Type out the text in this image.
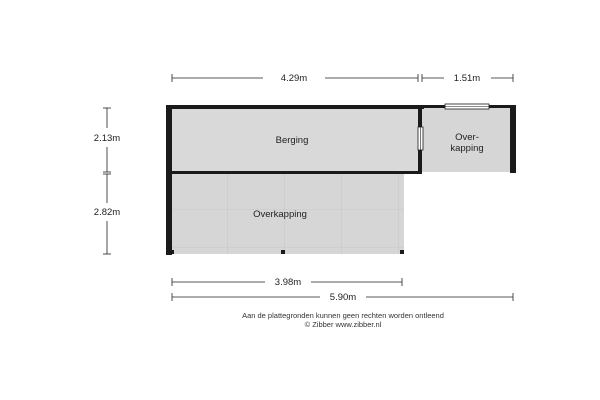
4.29m	1.51m
2.13m
2.82m
3.98m
5.90m
Berging
Overkapping
Over-
kapping
Aan de plattegronden kunnen geen rechten worden ontleend
© Zibber www.zibber.nl
